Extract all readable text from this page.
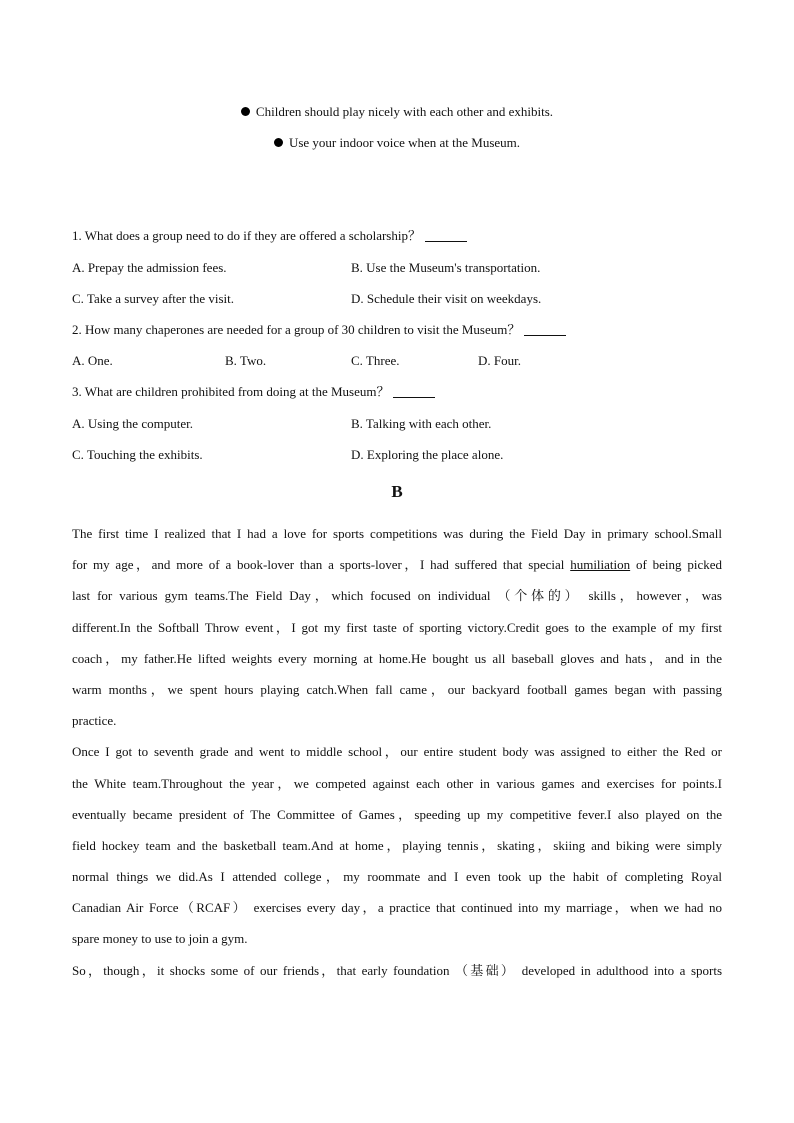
Children should play nicely with each other and exhibits.
Use your indoor voice when at the Museum.
1. What does a group need to do if they are offered a scholarship？
A. Prepay the admission fees.	B. Use the Museum's transportation.
C. Take a survey after the visit.	D. Schedule their visit on weekdays.
2. How many chaperones are needed for a group of 30 children to visit the Museum？
A. One.	B. Two.	C. Three.	D. Four.
3. What are children prohibited from doing at the Museum？
A. Using the computer.	B. Talking with each other.
C. Touching the exhibits.	D. Exploring the place alone.
B
The first time I realized that I had a love for sports competitions was during the Field Day in primary school.Small
for my age，and more of a book-lover than a sports-lover，I had suffered that special humiliation of being picked
last for various gym teams.The Field Day，which focused on individual （个体的） skills，however，was
different.In the Softball Throw event，I got my first taste of sporting victory.Credit goes to the example of my first
coach，my father.He lifted weights every morning at home.He bought us all baseball gloves and hats，and in the
warm months，we spent hours playing catch.When fall came，our backyard football games began with passing
practice.
Once I got to seventh grade and went to middle school，our entire student body was assigned to either the Red or
the White team.Throughout the year，we competed against each other in various games and exercises for points.I
eventually became president of The Committee of Games，speeding up my competitive fever.I also played on the
field hockey team and the basketball team.And at home，playing tennis，skating，skiing and biking were simply
normal things we did.As I attended college，my roommate and I even took up the habit of completing Royal
Canadian Air Force（RCAF） exercises every day，a practice that continued into my marriage，when we had no
spare money to use to join a gym.
So，though，it shocks some of our friends，that early foundation （基础） developed in adulthood into a sports
